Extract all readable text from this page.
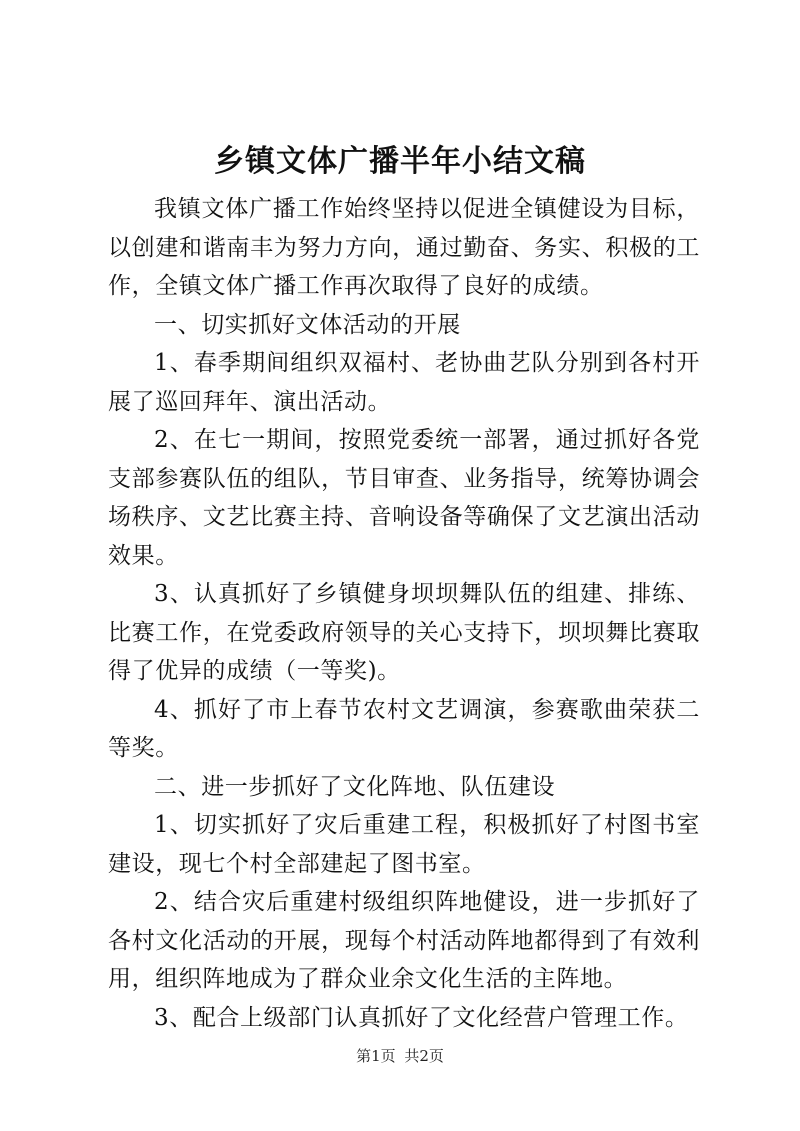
乡镇文体广播半年小结文稿

我镇文体广播工作始终坚持以促进全镇健设为目标，以创建和谐南丰为努力方向，通过勤奋、务实、积极的工作，全镇文体广播工作再次取得了良好的成绩。

一、切实抓好文体活动的开展

1、春季期间组织双福村、老协曲艺队分别到各村开展了巡回拜年、演出活动。

2、在七一期间，按照党委统一部署，通过抓好各党支部参赛队伍的组队，节目审查、业务指导，统筹协调会场秩序、文艺比赛主持、音响设备等确保了文艺演出活动效果。

3、认真抓好了乡镇健身坝坝舞队伍的组建、排练、比赛工作，在党委政府领导的关心支持下，坝坝舞比赛取得了优异的成绩（一等奖)。

4、抓好了市上春节农村文艺调演，参赛歌曲荣获二等奖。

二、进一步抓好了文化阵地、队伍建设

1、切实抓好了灾后重建工程，积极抓好了村图书室建设，现七个村全部建起了图书室。

2、结合灾后重建村级组织阵地健设，进一步抓好了各村文化活动的开展，现每个村活动阵地都得到了有效利用，组织阵地成为了群众业余文化生活的主阵地。

3、配合上级部门认真抓好了文化经营户管理工作。

第1页 共2页
